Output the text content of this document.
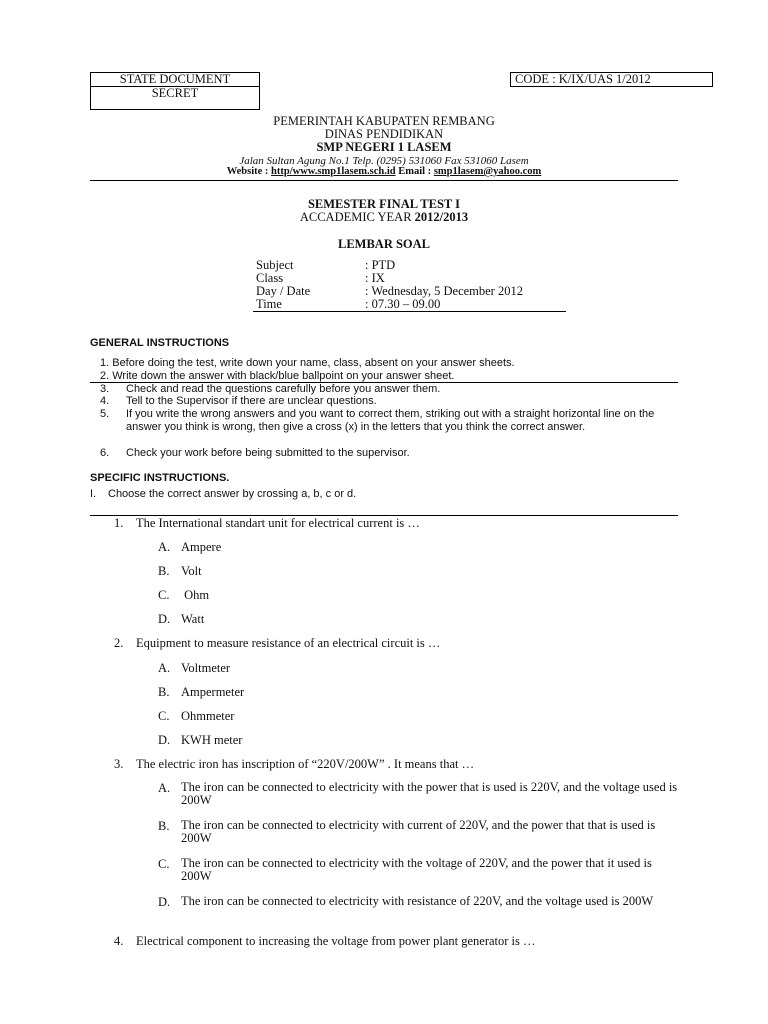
STATE DOCUMENT
SECRET
CODE : K/IX/UAS 1/2012
PEMERINTAH KABUPATEN REMBANG
DINAS PENDIDIKAN
SMP NEGERI 1 LASEM
Jalan Sultan Agung No.1 Telp. (0295) 531060 Fax 531060 Lasem
Website : http/www.smp1lasem.sch.id Email : smp1lasem@yahoo.com
SEMESTER FINAL TEST I
ACCADEMIC YEAR 2012/2013
LEMBAR SOAL
Subject	: PTD
Class	: IX
Day / Date	: Wednesday, 5 December 2012
Time	: 07.30 – 09.00
GENERAL INSTRUCTIONS
1. Before doing the test, write down your name, class, absent on your answer sheets.
2. Write down the answer with black/blue ballpoint on your answer sheet.
3. Check and read the questions carefully before you answer them.
4. Tell to the Supervisor if there are unclear questions.
5. If you write the wrong answers and you want to correct them, striking out with a straight horizontal line on the answer you think is wrong, then give a cross (x) in the letters that you think the correct answer.
6. Check your work before being submitted to the supervisor.
SPECIFIC INSTRUCTIONS.
I. Choose the correct answer by crossing a, b, c or d.
1. The International standart unit for electrical current is …
A. Ampere
B. Volt
C. Ohm
D. Watt
2. Equipment to measure resistance of an electrical circuit is …
A. Voltmeter
B. Ampermeter
C. Ohmmeter
D. KWH meter
3. The electric iron has inscription of “220V/200W” . It means that …
A. The iron can be connected to electricity with the power that is used is 220V, and the voltage used is 200W
B. The iron can be connected to electricity with current of 220V, and the power that that is used is 200W
C. The iron can be connected to electricity with the voltage of 220V, and the power that it used is 200W
D. The iron can be connected to electricity with resistance of 220V, and the voltage used is 200W
4. Electrical component to increasing the voltage from power plant generator is …
